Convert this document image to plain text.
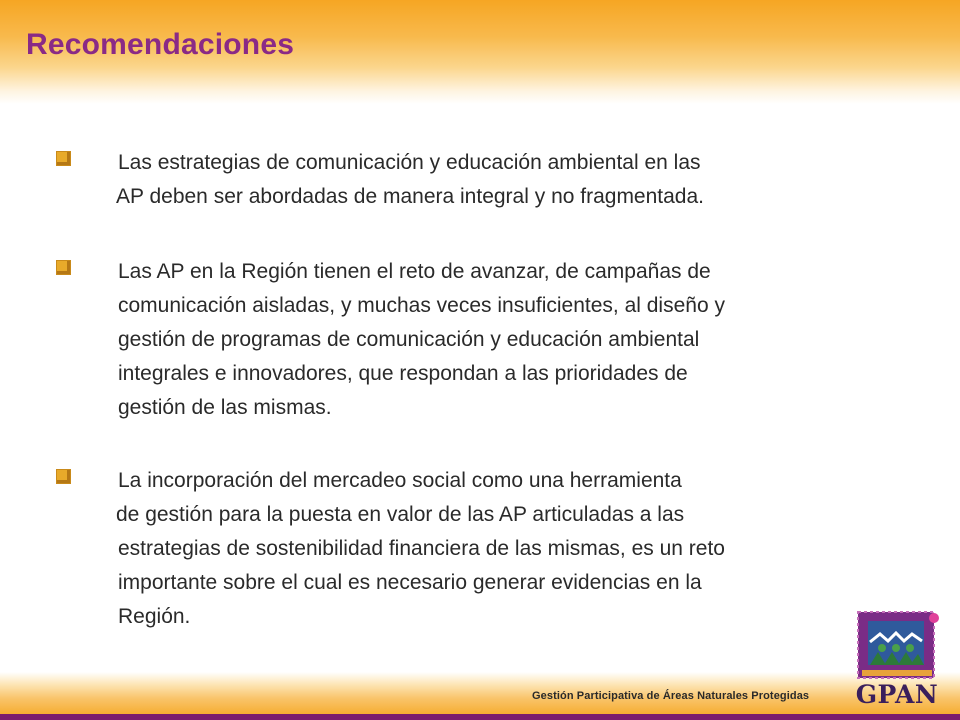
Recomendaciones
Las estrategias de comunicación y educación ambiental en las
AP deben ser abordadas de manera integral y no fragmentada.
Las AP en la Región tienen el reto de avanzar, de campañas de
comunicación aisladas, y muchas veces insuficientes, al diseño y
gestión de programas de comunicación y educación ambiental
integrales e innovadores, que respondan a las prioridades de
gestión de las mismas.
La incorporación del mercadeo social como una herramienta
de gestión para la puesta en valor de las AP articuladas a las
estrategias de sostenibilidad financiera de las mismas, es un reto
importante sobre el cual es necesario generar evidencias en la
Región.
Gestión Participativa de Áreas Naturales Protegidas GPAN
